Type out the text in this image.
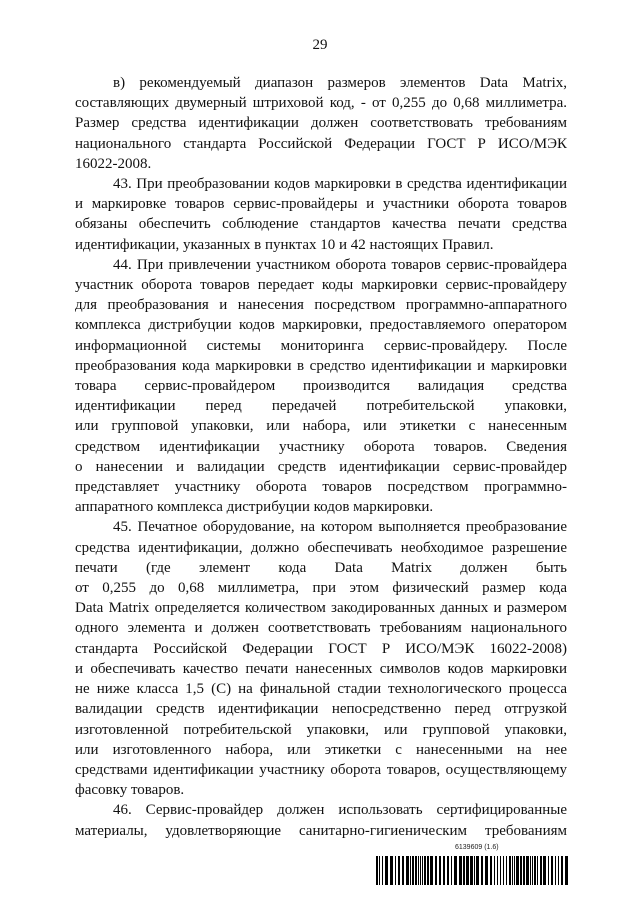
29
в) рекомендуемый диапазон размеров элементов Data Matrix,
составляющих двумерный штриховой код, - от 0,255 до 0,68 миллиметра.
Размер средства идентификации должен соответствовать требованиям
национального стандарта Российской Федерации ГОСТ Р ИСО/МЭК
16022-2008.
43. При преобразовании кодов маркировки в средства идентификации
и маркировке товаров сервис-провайдеры и участники оборота товаров
обязаны обеспечить соблюдение стандартов качества печати средства
идентификации, указанных в пунктах 10 и 42 настоящих Правил.
44. При привлечении участником оборота товаров сервис-провайдера
участник оборота товаров передает коды маркировки сервис-провайдеру
для преобразования и нанесения посредством программно-аппаратного
комплекса дистрибуции кодов маркировки, предоставляемого оператором
информационной системы мониторинга сервис-провайдеру. После
преобразования кода маркировки в средство идентификации и маркировки
товара сервис-провайдером производится валидация средства
идентификации перед передачей потребительской упаковки,
или групповой упаковки, или набора, или этикетки с нанесенным
средством идентификации участнику оборота товаров. Сведения
о нанесении и валидации средств идентификации сервис-провайдер
представляет участнику оборота товаров посредством программно-
аппаратного комплекса дистрибуции кодов маркировки.
45. Печатное оборудование, на котором выполняется преобразование
средства идентификации, должно обеспечивать необходимое разрешение
печати (где элемент кода Data Matrix должен быть
от 0,255 до 0,68 миллиметра, при этом физический размер кода
Data Matrix определяется количеством закодированных данных и размером
одного элемента и должен соответствовать требованиям национального
стандарта Российской Федерации ГОСТ Р ИСО/МЭК 16022-2008)
и обеспечивать качество печати нанесенных символов кодов маркировки
не ниже класса 1,5 (C) на финальной стадии технологического процесса
валидации средств идентификации непосредственно перед отгрузкой
изготовленной потребительской упаковки, или групповой упаковки,
или изготовленного набора, или этикетки с нанесенными на нее
средствами идентификации участнику оборота товаров, осуществляющему
фасовку товаров.
46. Сервис-провайдер должен использовать сертифицированные
материалы, удовлетворяющие санитарно-гигиеническим требованиям
6139609 (1.6)
